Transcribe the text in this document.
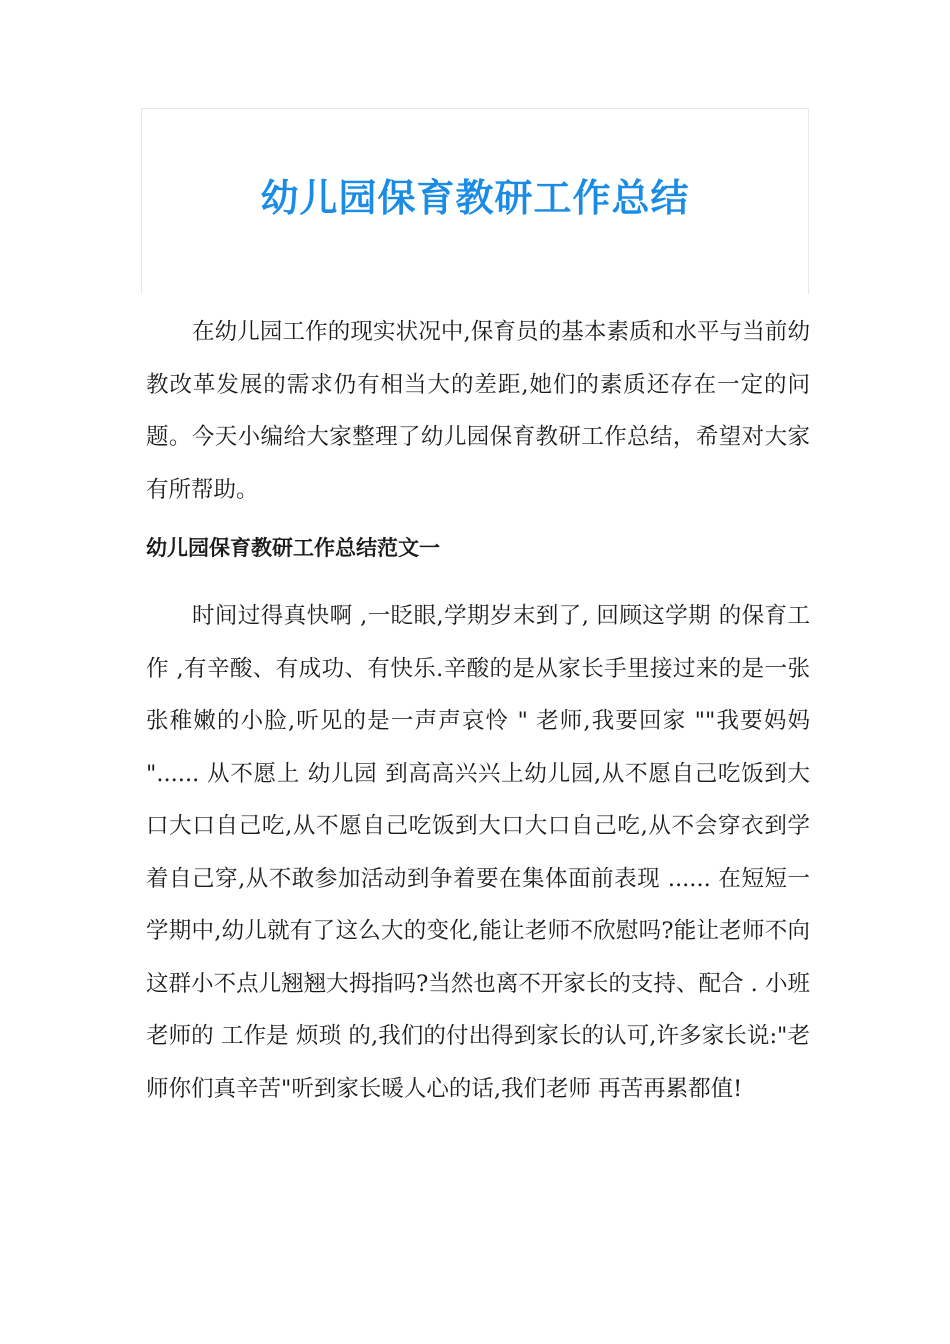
幼儿园保育教研工作总结

在幼儿园工作的现实状况中,保育员的基本素质和水平与当前幼教改革发展的需求仍有相当大的差距,她们的素质还存在一定的问题。今天小编给大家整理了幼儿园保育教研工作总结，希望对大家有所帮助。

幼儿园保育教研工作总结范文一

时间过得真快啊 ,一眨眼,学期岁末到了, 回顾这学期 的保育工作 ,有辛酸、有成功、有快乐.辛酸的是从家长手里接过来的是一张张稚嫩的小脸,听见的是一声声哀怜 " 老师,我要回家 ""我要妈妈 "...... 从不愿上 幼儿园 到高高兴兴上幼儿园,从不愿自己吃饭到大口大口自己吃,从不愿自己吃饭到大口大口自己吃,从不会穿衣到学着自己穿,从不敢参加活动到争着要在集体面前表现 ...... 在短短一学期中,幼儿就有了这么大的变化,能让老师不欣慰吗?能让老师不向这群小不点儿翘翘大拇指吗?当然也离不开家长的支持、配合 . 小班老师的 工作是 烦琐 的,我们的付出得到家长的认可,许多家长说:"老师你们真辛苦"听到家长暖人心的话,我们老师 再苦再累都值!
